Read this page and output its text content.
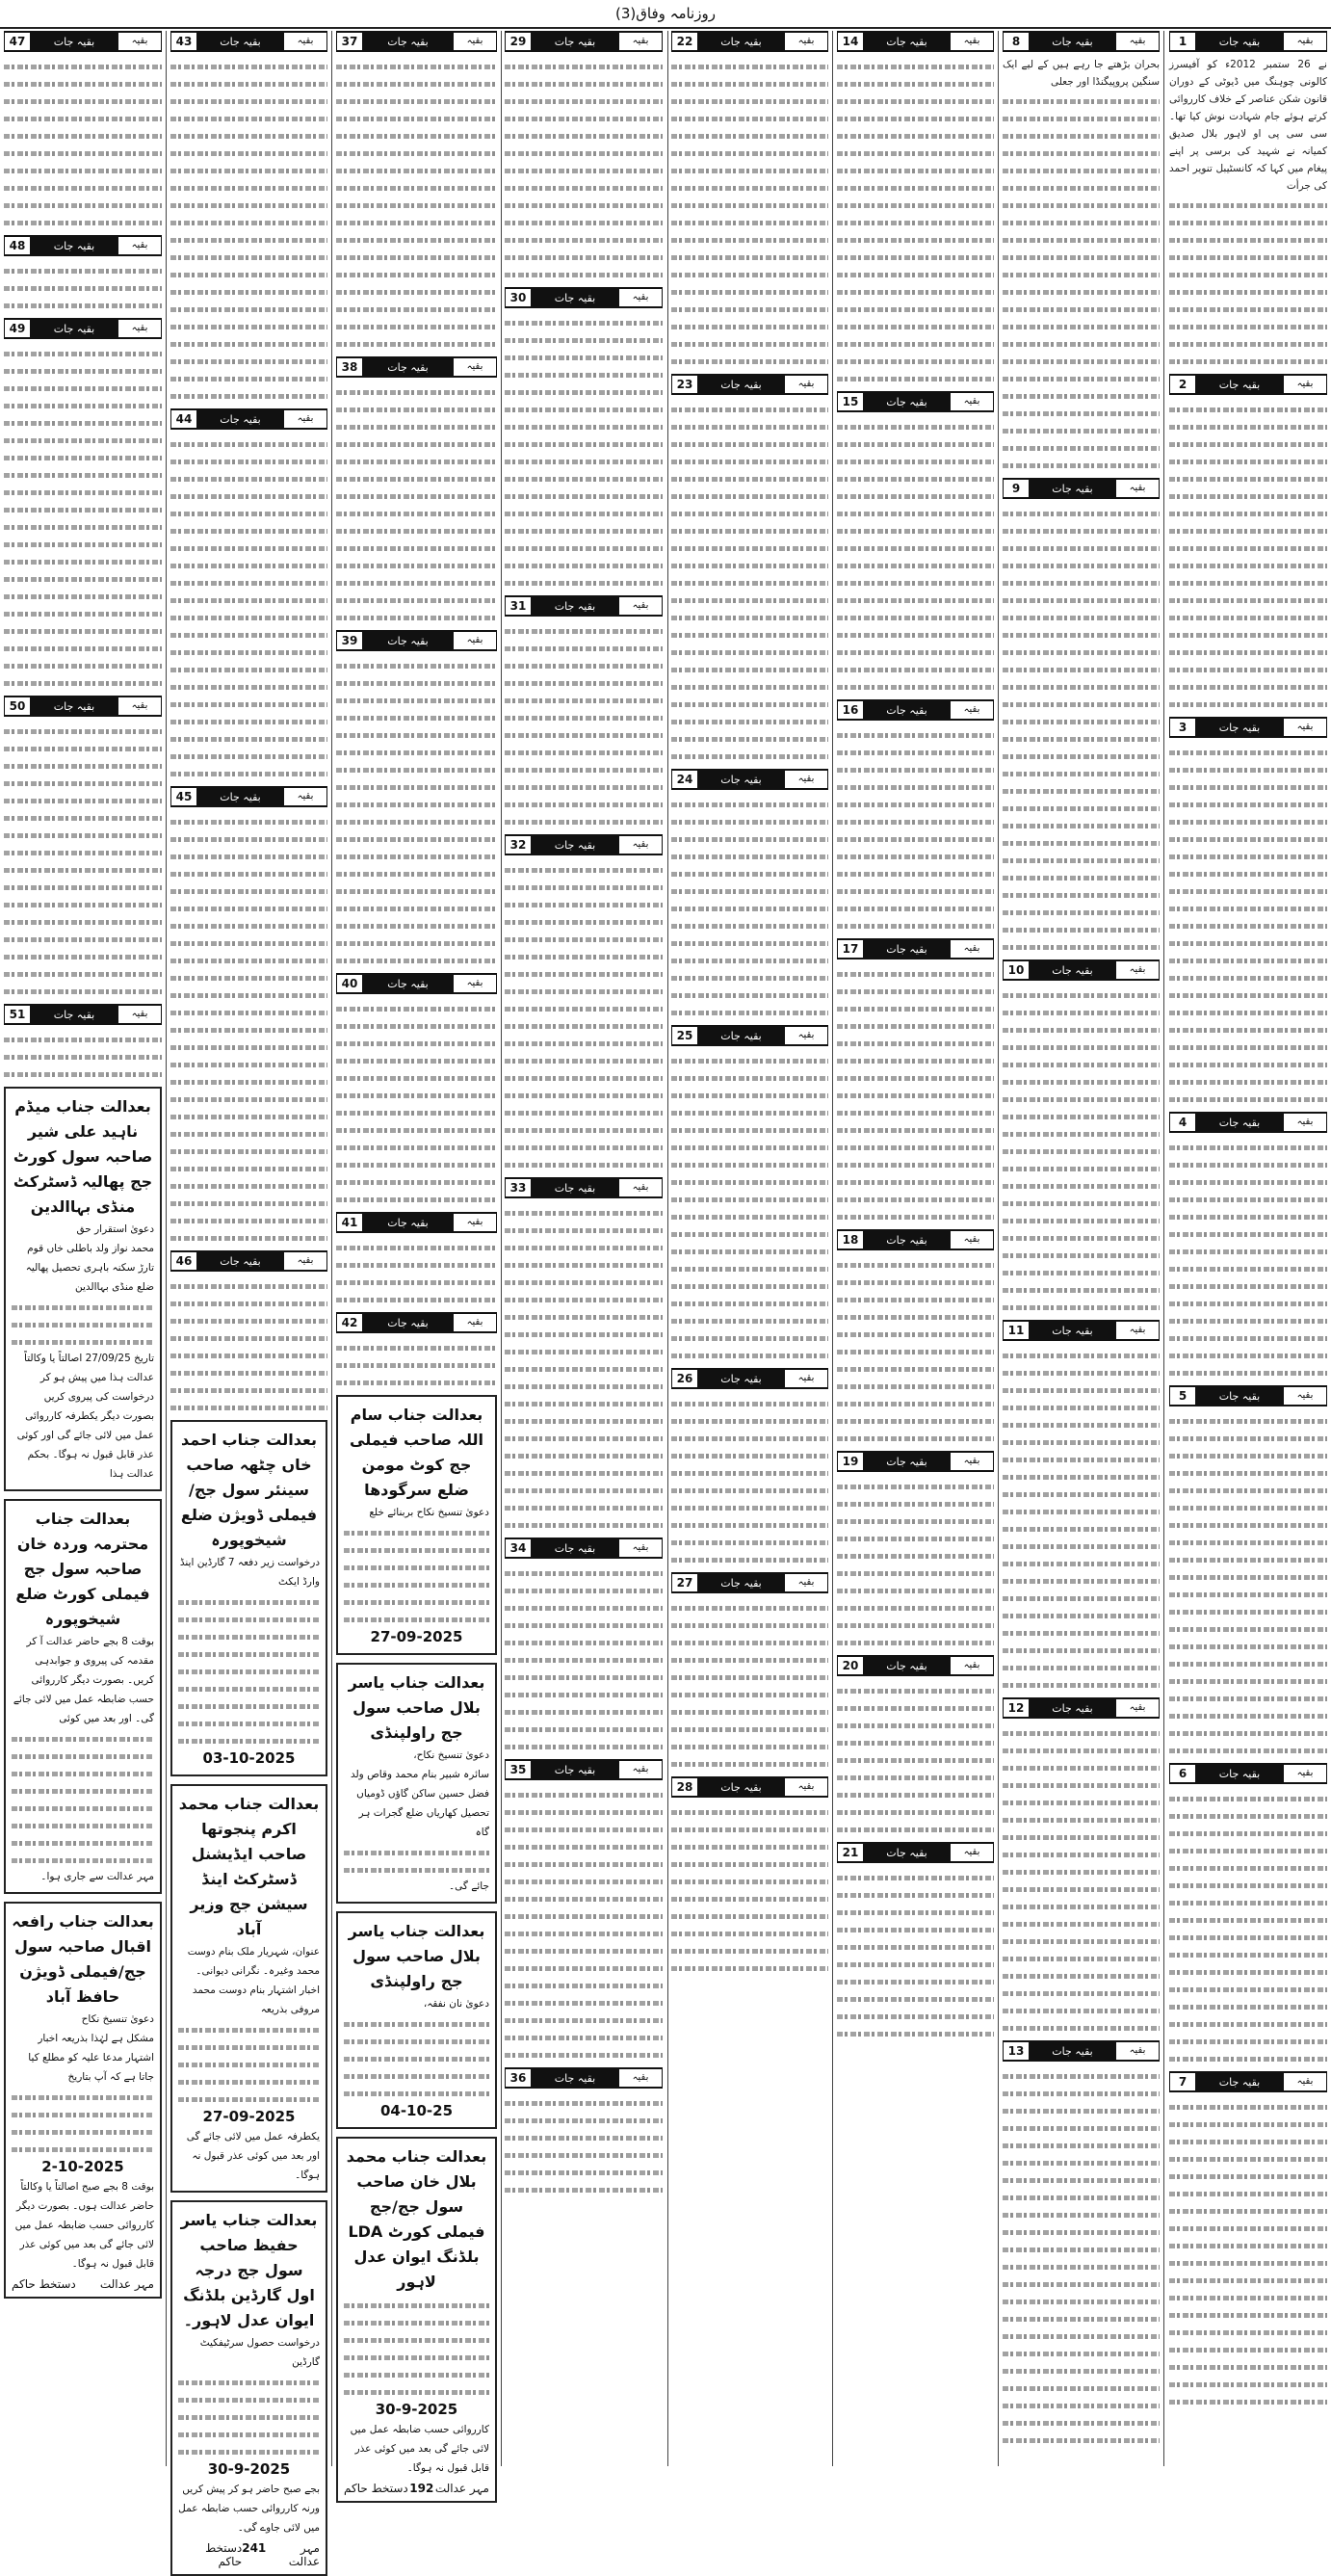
روزنامہ وفاق(3)
1	بقیہ جات	بقیہ
نے 26 ستمبر 2012ء کو آفیسرز کالونی چوہنگ میں ڈیوٹی کے دوران قانون شکن عناصر کے خلاف کارروائی کرتے ہوئے جام شہادت نوش کیا تھا۔ سی سی پی او لاہور بلال صدیق کمیانہ نے شہید کی برسی پر اپنے پیغام میں کہا کہ کانسٹیبل تنویر احمد کی جرأت
2	بقیہ جات	بقیہ
3	بقیہ جات	بقیہ
4	بقیہ جات	بقیہ
5	بقیہ جات	بقیہ
6	بقیہ جات	بقیہ
7	بقیہ جات	بقیہ
8	بقیہ جات	بقیہ
بحران بڑھتے جا رہے ہیں کے لیے ایک سنگین پروپیگنڈا اور جعلی
9	بقیہ جات	بقیہ
10	بقیہ جات	بقیہ
11	بقیہ جات	بقیہ
12	بقیہ جات	بقیہ
13	بقیہ جات	بقیہ
14	بقیہ جات	بقیہ
15	بقیہ جات	بقیہ
16	بقیہ جات	بقیہ
17	بقیہ جات	بقیہ
18	بقیہ جات	بقیہ
19	بقیہ جات	بقیہ
20	بقیہ جات	بقیہ
21	بقیہ جات	بقیہ
22	بقیہ جات	بقیہ
23	بقیہ جات	بقیہ
24	بقیہ جات	بقیہ
25	بقیہ جات	بقیہ
26	بقیہ جات	بقیہ
27	بقیہ جات	بقیہ
28	بقیہ جات	بقیہ
29	بقیہ جات	بقیہ
30	بقیہ جات	بقیہ
31	بقیہ جات	بقیہ
32	بقیہ جات	بقیہ
33	بقیہ جات	بقیہ
34	بقیہ جات	بقیہ
35	بقیہ جات	بقیہ
36	بقیہ جات	بقیہ
37	بقیہ جات	بقیہ
38	بقیہ جات	بقیہ
39	بقیہ جات	بقیہ
40	بقیہ جات	بقیہ
41	بقیہ جات	بقیہ
42	بقیہ جات	بقیہ
بعدالت جناب سام اللہ صاحب فیملی جج کوٹ مومن ضلع سرگودھا
دعویٰ تنسیخ نکاح بربنائے خلع
27-09-2025
بعدالت جناب یاسر بلال صاحب سول جج راولپنڈی
دعویٰ تنسیخ نکاح،
سائرہ شبیر بنام محمد وقاص ولد فضل حسین ساکن گاؤں ڈومیاں تحصیل کھاریاں ضلع گجرات ہر گاہ
جائے گی۔
بعدالت جناب یاسر بلال صاحب سول جج راولپنڈی
دعویٰ نان نفقہ،
04-10-25
بعدالت جناب محمد بلال خان صاحب سول جج/جج فیملی کورٹ LDA بلڈنگ ایوان عدل لاہور
30-9-2025
کارروائی حسب ضابطہ عمل میں لائی جائے گی بعد میں کوئی عذر قابل قبول نہ ہوگا۔
مہر عدالت
192
دستخط حاکم
43	بقیہ جات	بقیہ
44	بقیہ جات	بقیہ
45	بقیہ جات	بقیہ
46	بقیہ جات	بقیہ
بعدالت جناب احمد خاں چٹھہ صاحب سینئر سول جج/فیملی ڈویژن ضلع شیخوپورہ
درخواست زیر دفعہ 7 گارڈین اینڈ وارڈ ایکٹ
03-10-2025
بعدالت جناب محمد اکرم پنجوتھا صاحب ایڈیشنل ڈسٹرکٹ اینڈ سیشن جج وزیر آباد
عنوان، شہریار ملک بنام دوست محمد وغیرہ۔ نگرانی دیوانی۔ اخبار اشتہار بنام دوست محمد مروفی بذریعہ
27-09-2025
یکطرفہ عمل میں لائی جائے گی اور بعد میں کوئی عذر قبول نہ ہوگا۔
بعدالت جناب یاسر حفیظ صاحب سول جج درجہ اول گارڈین بلڈنگ ایوان عدل لاہور۔
درخواست حصول سرٹیفکیٹ گارڈین
30-9-2025
بجے صبح حاضر ہو کر پیش کریں ورنہ کارروائی حسب ضابطہ عمل میں لائی جاوے گی۔
مہر عدالت
241
دستخط حاکم
47	بقیہ جات	بقیہ
48	بقیہ جات	بقیہ
49	بقیہ جات	بقیہ
50	بقیہ جات	بقیہ
51	بقیہ جات	بقیہ
بعدالت جناب میڈم ناہید علی شیر صاحبہ سول کورٹ جج پھالیہ ڈسٹرکٹ منڈی بہاالدین
دعویٰ استقرار حق
محمد نواز ولد باطلی خاں قوم تارڑ سکنہ باہری تحصیل پھالیہ ضلع منڈی بہاالدین
تاریخ 27/09/25 اصالتاً یا وکالتاً عدالت ہذا میں پیش ہو کر درخواست کی پیروی کریں بصورت دیگر یکطرفہ کارروائی عمل میں لائی جائے گی اور کوئی
عذر قابل قبول نہ ہوگا۔ بحکم عدالت ہذا
بعدالت جناب محترمہ وردہ خان صاحبہ سول جج فیملی کورٹ ضلع شیخوپورہ
بوقت 8 بجے حاضر عدالت آ کر مقدمہ کی پیروی و جوابدہی کریں۔ بصورت دیگر کارروائی حسب ضابطہ عمل میں لائی جائے گی۔ اور بعد میں کوئی
مہر عدالت سے جاری ہوا۔
بعدالت جناب رافعہ اقبال صاحبہ سول جج/فیملی ڈویژن حافظ آباد
دعویٰ تنسیخ نکاح
مشکل ہے لہٰذا بذریعہ اخبار اشتہار مدعا علیہ کو مطلع کیا جاتا ہے کہ آپ بتاریخ
2-10-2025
بوقت 8 بجے صبح اصالتاً یا وکالتاً حاضر عدالت ہوں۔ بصورت دیگر کارروائی حسب ضابطہ عمل میں لائی جائے گی بعد میں کوئی عذر قابل قبول نہ ہوگا۔
مہر عدالت
دستخط حاکم
